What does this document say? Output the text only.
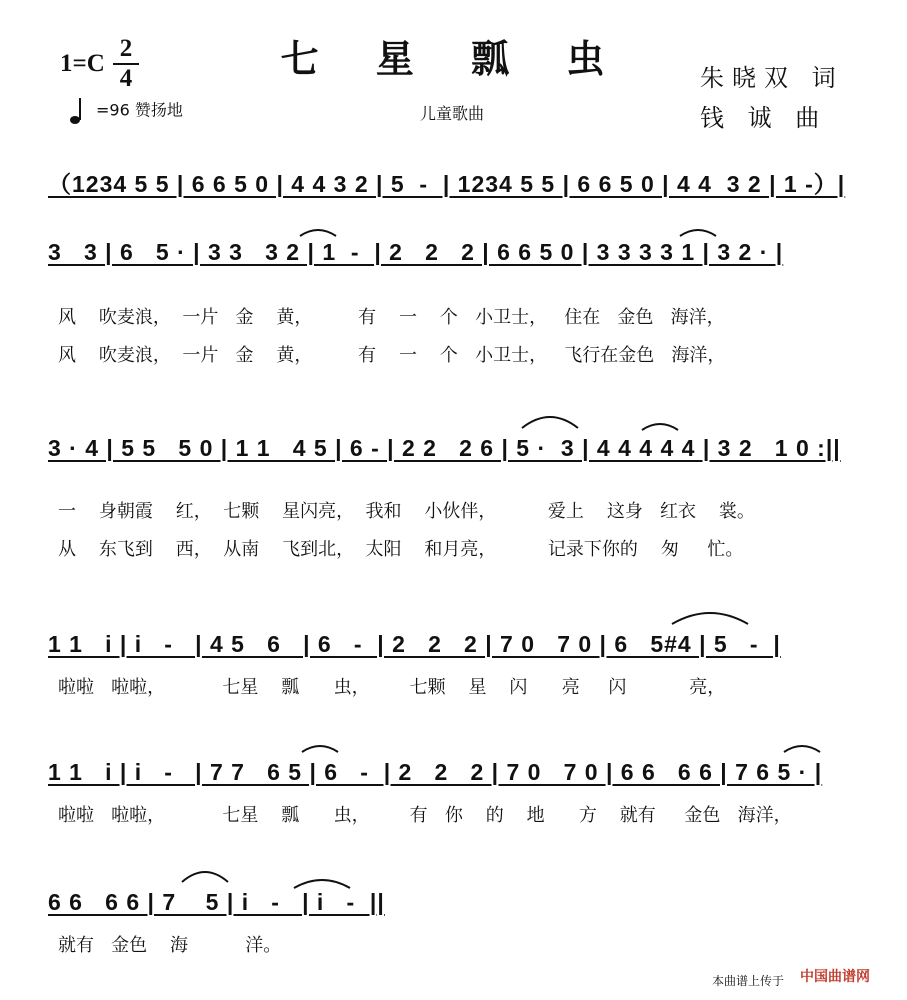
七 星 瓢 虫
1=C
2
4
=96 赞扬地	儿童歌曲
朱晓双 词
钱 诚 曲
（1234 5 5 | 6 6 5 0 | 4 4 3 2 | 5  -  | 1234 5 5 | 6 6 5 0 | 4 4  3 2 | 1 -）|
3   3 | 6   5 · | 3 3   3 2 | 1  -  | 2   2   2 | 6 6 5 0 | 3 3 3 3 1 | 3 2 · |
风    吹麦浪，  一片   金    黄，        有    一    个   小卫士，   住在   金色   海洋，
风    吹麦浪，  一片   金    黄，        有    一    个   小卫士，   飞行在金色   海洋，
3 · 4 | 5 5   5 0 | 1 1   4 5 | 6 - | 2 2   2 6 | 5 ·  3 | 4 4 4 4 4 | 3 2   1 0 :||
一    身朝霞    红，  七颗    星闪亮，  我和    小伙伴，         爱上    这身   红衣    裳。
从    东飞到    西，  从南    飞到北，  太阳    和月亮，         记录下你的    匆     忙。
1 1   i | i   -   | 4 5   6   | 6   -  | 2   2   2 | 7 0   7 0 | 6   5#4 | 5   -  |
啦啦   啦啦，          七星    瓢      虫，       七颗    星    闪      亮     闪           亮，
1 1   i | i   -   | 7 7   6 5 | 6   -  | 2   2   2 | 7 0   7 0 | 6 6   6 6 | 7 6 5 · |
啦啦   啦啦，          七星    瓢      虫，       有   你    的    地      方    就有     金色   海洋，
6 6   6 6 | 7    5 | i   -   | i   -  ||
就有   金色    海          洋。
本曲谱上传于 中国曲谱网
